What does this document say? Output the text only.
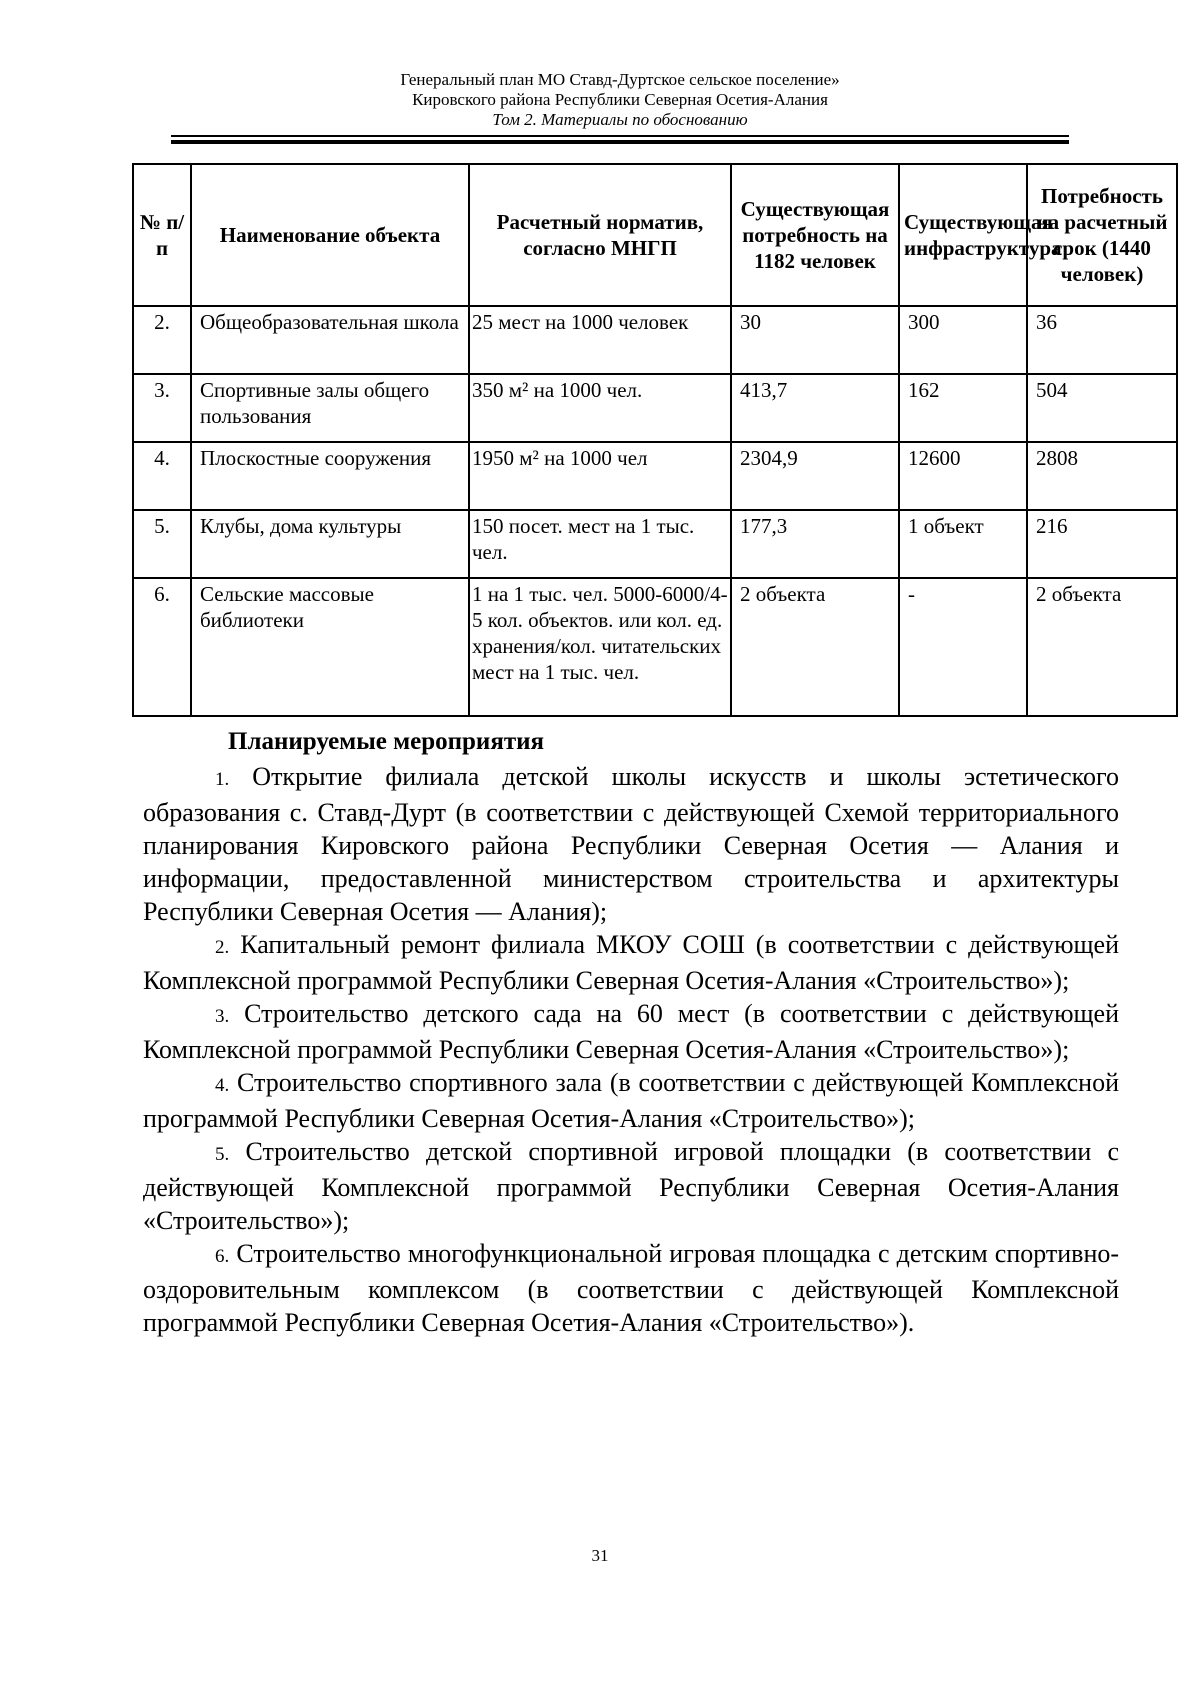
Генеральный план МО Ставд-Дуртское сельское поселение»
Кировского района Республики Северная Осетия-Алания
Том 2. Материалы по обоснованию
№ п/п	Наименование объекта	Расчетный норматив, согласно МНГП	Существующая потребность на 1182 человек	Существующая инфраструктура	Потребность на расчетный срок (1440 человек)
2.	Общеобразовательная школа	25 мест на 1000 человек	30	300	36
3.	Спортивные залы общего пользования	350 м² на 1000 чел.	413,7	162	504
4.	Плоскостные сооружения	1950 м² на 1000 чел	2304,9	12600	2808
5.	Клубы, дома культуры	150 посет. мест на 1 тыс. чел.	177,3	1 объект	216
6.	Сельские массовые библиотеки	1 на 1 тыс. чел. 5000-6000/4-5 кол. объектов. или кол. ед. хранения/кол. читательских мест на 1 тыс. чел.	2 объекта	-	2 объекта
Планируемые мероприятия
1. Открытие филиала детской школы искусств и школы эстетического образования с. Ставд-Дурт (в соответствии с действующей Схемой территориального планирования Кировского района Республики Северная Осетия — Алания и информации, предоставленной министерством строительства и архитектуры Республики Северная Осетия — Алания);
2. Капитальный ремонт филиала МКОУ СОШ (в соответствии с действующей Комплексной программой Республики Северная Осетия-Алания «Строительство»);
3. Строительство детского сада на 60 мест (в соответствии с действующей Комплексной программой Республики Северная Осетия-Алания «Строительство»);
4. Строительство спортивного зала (в соответствии с действующей Комплексной программой Республики Северная Осетия-Алания «Строительство»);
5. Строительство детской спортивной игровой площадки (в соответствии с действующей Комплексной программой Республики Северная Осетия-Алания «Строительство»);
6. Строительство многофункциональной игровая площадка с детским спортивно-оздоровительным комплексом (в соответствии с действующей Комплексной программой Республики Северная Осетия-Алания «Строительство»).
31
